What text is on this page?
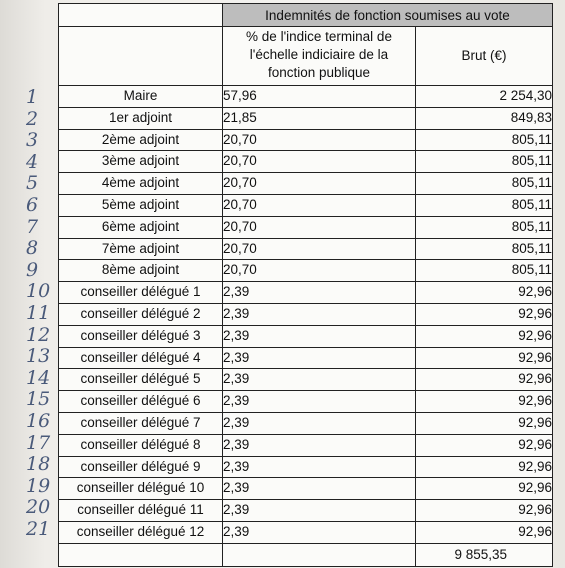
	Indemnités de fonction soumises au vote	

	% de l'indice terminal de
l'échelle indiciaire de la
fonction publique	Brut (€)
Maire	57,96	2 254,30
1er adjoint	21,85	849,83
2ème adjoint	20,70	805,11
3ème adjoint	20,70	805,11
4ème adjoint	20,70	805,11
5ème adjoint	20,70	805,11
6ème adjoint	20,70	805,11
7ème adjoint	20,70	805,11
8ème adjoint	20,70	805,11
conseiller délégué 1	2,39	92,96
conseiller délégué 2	2,39	92,96
conseiller délégué 3	2,39	92,96
conseiller délégué 4	2,39	92,96
conseiller délégué 5	2,39	92,96
conseiller délégué 6	2,39	92,96
conseiller délégué 7	2,39	92,96
conseiller délégué 8	2,39	92,96
conseiller délégué 9	2,39	92,96
conseiller délégué 10	2,39	92,96
conseiller délégué 11	2,39	92,96
conseiller délégué 12	2,39	92,96
		9 855,35
1
2
3
4
5
6
7
8
9
10
11
12
13
14
15
16
17
18
19
20
21
